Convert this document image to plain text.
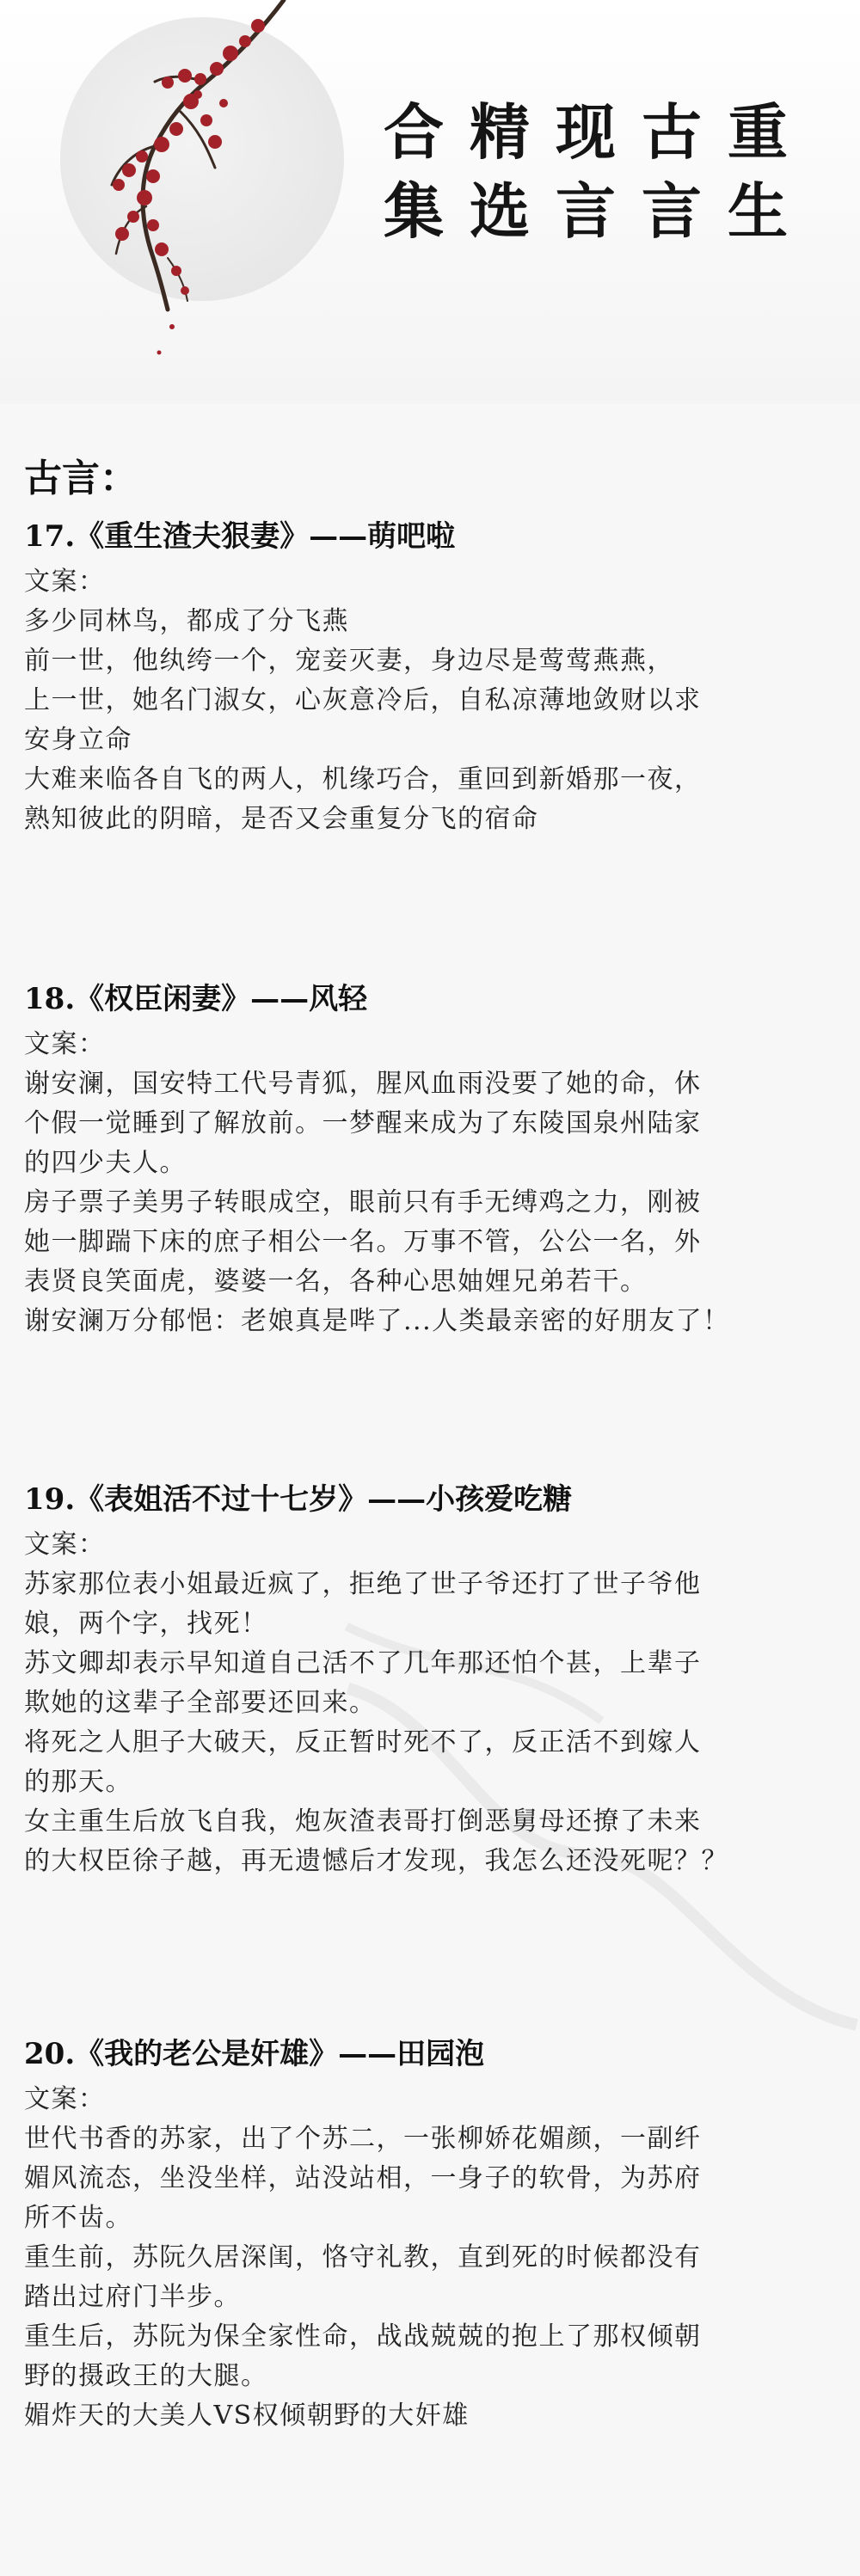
合
集
精
选
现
言
古
言
重
生
古言：
17.《重生渣夫狠妻》——萌吧啦
文案：
多少同林鸟，都成了分飞燕
前一世，他纨绔一个，宠妾灭妻，身边尽是莺莺燕燕，
上一世，她名门淑女，心灰意冷后，自私凉薄地敛财以求
安身立命
大难来临各自飞的两人，机缘巧合，重回到新婚那一夜，
熟知彼此的阴暗，是否又会重复分飞的宿命
18.《权臣闲妻》——风轻
文案：
谢安澜，国安特工代号青狐，腥风血雨没要了她的命，休
个假一觉睡到了解放前。一梦醒来成为了东陵国泉州陆家
的四少夫人。
房子票子美男子转眼成空，眼前只有手无缚鸡之力，刚被
她一脚踹下床的庶子相公一名。万事不管，公公一名，外
表贤良笑面虎，婆婆一名，各种心思妯娌兄弟若干。
谢安澜万分郁悒：老娘真是哔了...人类最亲密的好朋友了！
19.《表姐活不过十七岁》——小孩爱吃糖
文案：
苏家那位表小姐最近疯了，拒绝了世子爷还打了世子爷他
娘，两个字，找死！
苏文卿却表示早知道自己活不了几年那还怕个甚，上辈子
欺她的这辈子全部要还回来。
将死之人胆子大破天，反正暂时死不了，反正活不到嫁人
的那天。
女主重生后放飞自我，炮灰渣表哥打倒恶舅母还撩了未来
的大权臣徐子越，再无遗憾后才发现，我怎么还没死呢？？
20.《我的老公是奸雄》——田园泡
文案：
世代书香的苏家，出了个苏二，一张柳娇花媚颜，一副纤
媚风流态，坐没坐样，站没站相，一身子的软骨，为苏府
所不齿。
重生前，苏阮久居深闺，恪守礼教，直到死的时候都没有
踏出过府门半步。
重生后，苏阮为保全家性命，战战兢兢的抱上了那权倾朝
野的摄政王的大腿。
媚炸天的大美人VS权倾朝野的大奸雄
